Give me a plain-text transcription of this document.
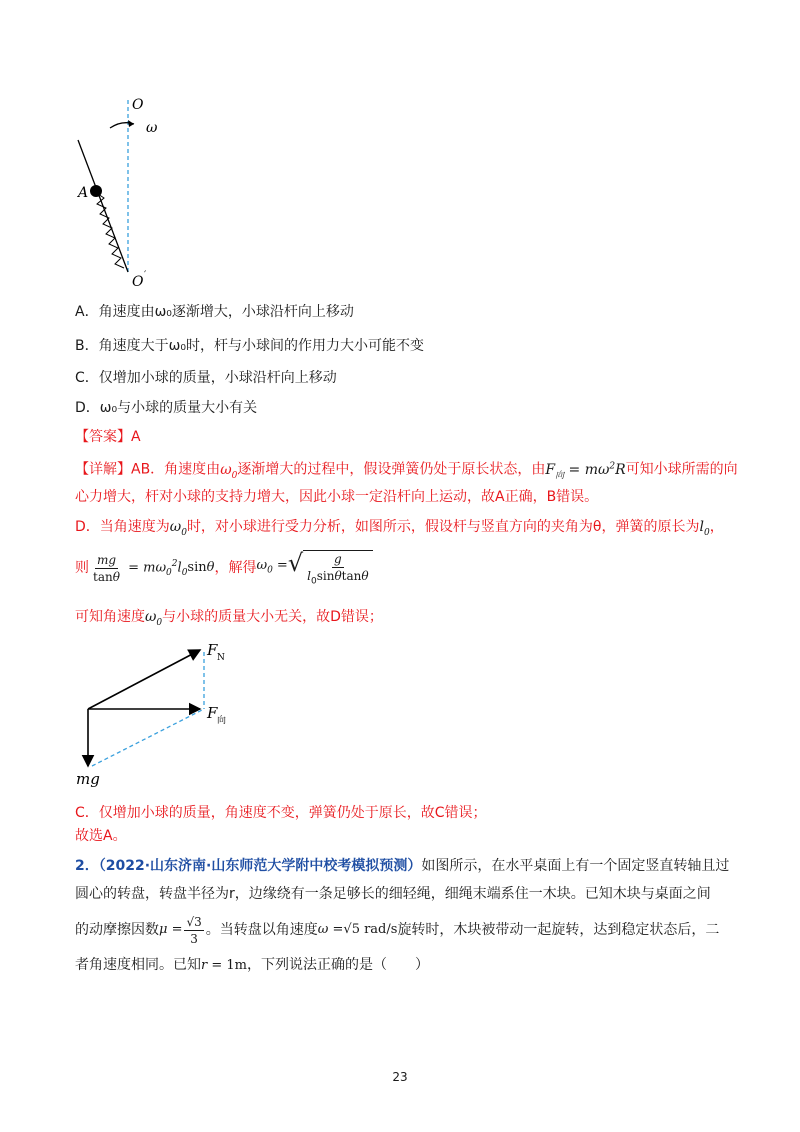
O
ω
A
O ′
A．角速度由ω₀逐渐增大，小球沿杆向上移动
B．角速度大于ω₀时，杆与小球间的作用力大小可能不变
C．仅增加小球的质量，小球沿杆向上移动
D．ω₀与小球的质量大小有关
【答案】A
【详解】AB．角速度由$\omega_0$逐渐增大的过程中，假设弹簧仍处于原长状态，由$F_向 = m\omega^2R$可知小球所需的向
心力增大，杆对小球的支持力增大，因此小球一定沿杆向上运动，故A正确，B错误。
D．当角速度为$\omega_0$时，对小球进行受力分析，如图所示，假设杆与竖直方向的夹角为θ，弹簧的原长为$l_0$，
则 $\frac{mg}{\tan\theta} = m\omega_0^2l_0$ sin θ ，解得 $\omega_0$ = √ $\frac{g}{l_0\sin\theta\tan\theta}$
可知角速度$\omega_0$与小球的质量大小无关，故D错误；
F N
F 向
mg
C．仅增加小球的质量，角速度不变，弹簧仍处于原长，故C错误；
故选A。
2．（2022·山东济南·山东师范大学附中校考模拟预测）如图所示，在水平桌面上有一个固定竖直转轴且过
圆心的转盘，转盘半径为r，边缘绕有一条足够长的细轻绳，细绳末端系住一木块。已知木块与桌面之间
的动摩擦因数 $\mu = \frac{√3}{3}$ 。当转盘以角速度 ω = √5 rad/s 旋转时，木块被带动一起旋转，达到稳定状态后，二
者角速度相同。已知r = 1m，下列说法正确的是（　　）
23
